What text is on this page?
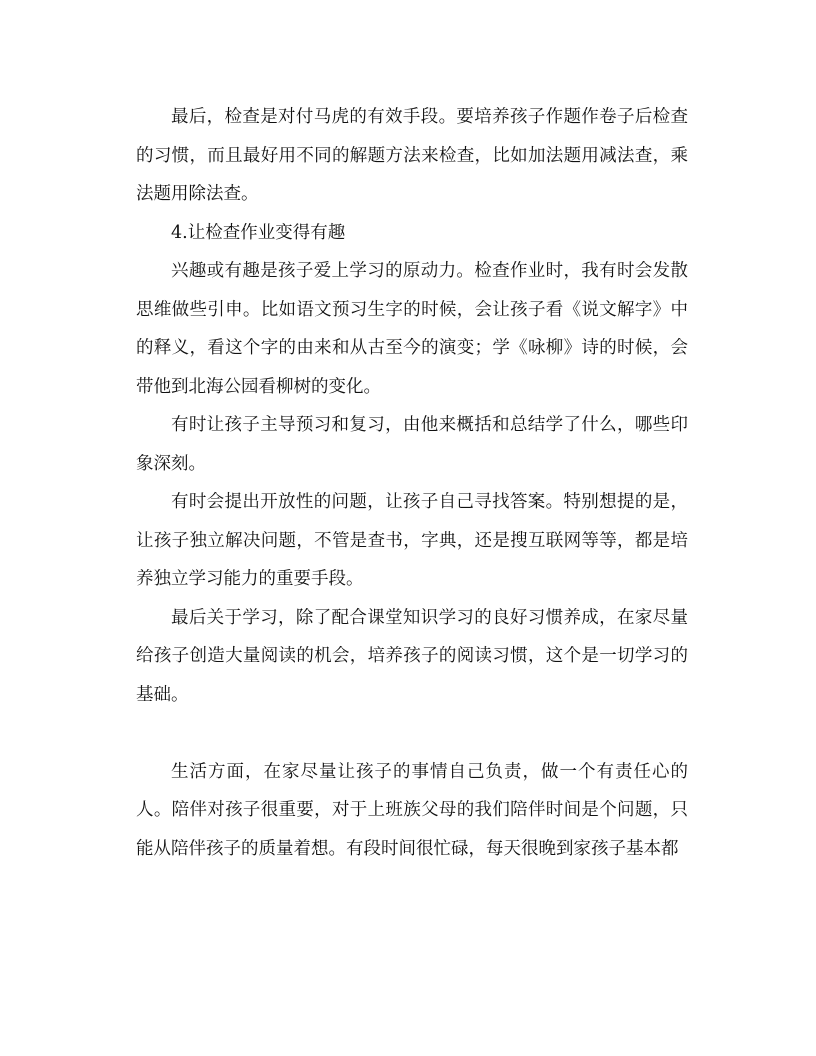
最后，检查是对付马虎的有效手段。要培养孩子作题作卷子后检查的习惯，而且最好用不同的解题方法来检查，比如加法题用减法查，乘法题用除法查。

4.让检查作业变得有趣

兴趣或有趣是孩子爱上学习的原动力。检查作业时，我有时会发散思维做些引申。比如语文预习生字的时候，会让孩子看《说文解字》中的释义，看这个字的由来和从古至今的演变；学《咏柳》诗的时候，会带他到北海公园看柳树的变化。

有时让孩子主导预习和复习，由他来概括和总结学了什么，哪些印象深刻。

有时会提出开放性的问题，让孩子自己寻找答案。特别想提的是，让孩子独立解决问题，不管是查书，字典，还是搜互联网等等，都是培养独立学习能力的重要手段。

最后关于学习，除了配合课堂知识学习的良好习惯养成，在家尽量给孩子创造大量阅读的机会，培养孩子的阅读习惯，这个是一切学习的基础。

生活方面，在家尽量让孩子的事情自己负责，做一个有责任心的人。陪伴对孩子很重要，对于上班族父母的我们陪伴时间是个问题，只能从陪伴孩子的质量着想。有段时间很忙碌，每天很晚到家孩子基本都
